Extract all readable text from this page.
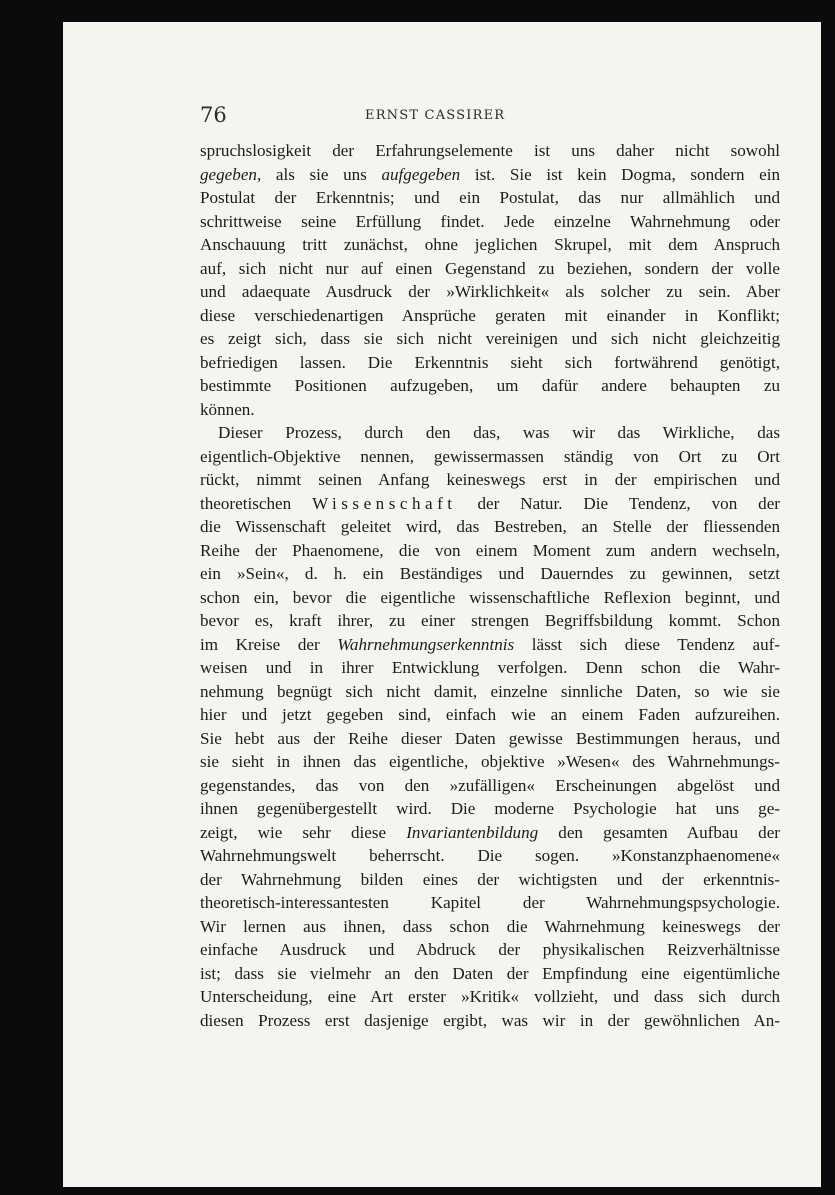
76	ERNST CASSIRER
spruchslosigkeit der Erfahrungselemente ist uns daher nicht sowohl
gegeben, als sie uns aufgegeben ist. Sie ist kein Dogma, sondern ein
Postulat der Erkenntnis; und ein Postulat, das nur allmählich und
schrittweise seine Erfüllung findet. Jede einzelne Wahrnehmung oder
Anschauung tritt zunächst, ohne jeglichen Skrupel, mit dem Anspruch
auf, sich nicht nur auf einen Gegenstand zu beziehen, sondern der volle
und adaequate Ausdruck der »Wirklichkeit« als solcher zu sein. Aber
diese verschiedenartigen Ansprüche geraten mit einander in Konflikt;
es zeigt sich, dass sie sich nicht vereinigen und sich nicht gleichzeitig
befriedigen lassen. Die Erkenntnis sieht sich fortwährend genötigt,
bestimmte Positionen aufzugeben, um dafür andere behaupten zu
können.
Dieser Prozess, durch den das, was wir das Wirkliche, das
eigentlich-Objektive nennen, gewissermassen ständig von Ort zu Ort
rückt, nimmt seinen Anfang keineswegs erst in der empirischen und
theoretischen Wissenschaft der Natur. Die Tendenz, von der
die Wissenschaft geleitet wird, das Bestreben, an Stelle der fliessenden
Reihe der Phaenomene, die von einem Moment zum andern wechseln,
ein »Sein«, d. h. ein Beständiges und Dauerndes zu gewinnen, setzt
schon ein, bevor die eigentliche wissenschaftliche Reflexion beginnt, und
bevor es, kraft ihrer, zu einer strengen Begriffsbildung kommt. Schon
im Kreise der Wahrnehmungserkenntnis lässt sich diese Tendenz auf-
weisen und in ihrer Entwicklung verfolgen. Denn schon die Wahr-
nehmung begnügt sich nicht damit, einzelne sinnliche Daten, so wie sie
hier und jetzt gegeben sind, einfach wie an einem Faden aufzureihen.
Sie hebt aus der Reihe dieser Daten gewisse Bestimmungen heraus, und
sie sieht in ihnen das eigentliche, objektive »Wesen« des Wahrnehmungs-
gegenstandes, das von den »zufälligen« Erscheinungen abgelöst und
ihnen gegenübergestellt wird. Die moderne Psychologie hat uns ge-
zeigt, wie sehr diese Invariantenbildung den gesamten Aufbau der
Wahrnehmungswelt beherrscht. Die sogen. »Konstanzphaenomene«
der Wahrnehmung bilden eines der wichtigsten und der erkenntnis-
theoretisch-interessantesten Kapitel der Wahrnehmungspsychologie.
Wir lernen aus ihnen, dass schon die Wahrnehmung keineswegs der
einfache Ausdruck und Abdruck der physikalischen Reizverhältnisse
ist; dass sie vielmehr an den Daten der Empfindung eine eigentümliche
Unterscheidung, eine Art erster »Kritik« vollzieht, und dass sich durch
diesen Prozess erst dasjenige ergibt, was wir in der gewöhnlichen An-
